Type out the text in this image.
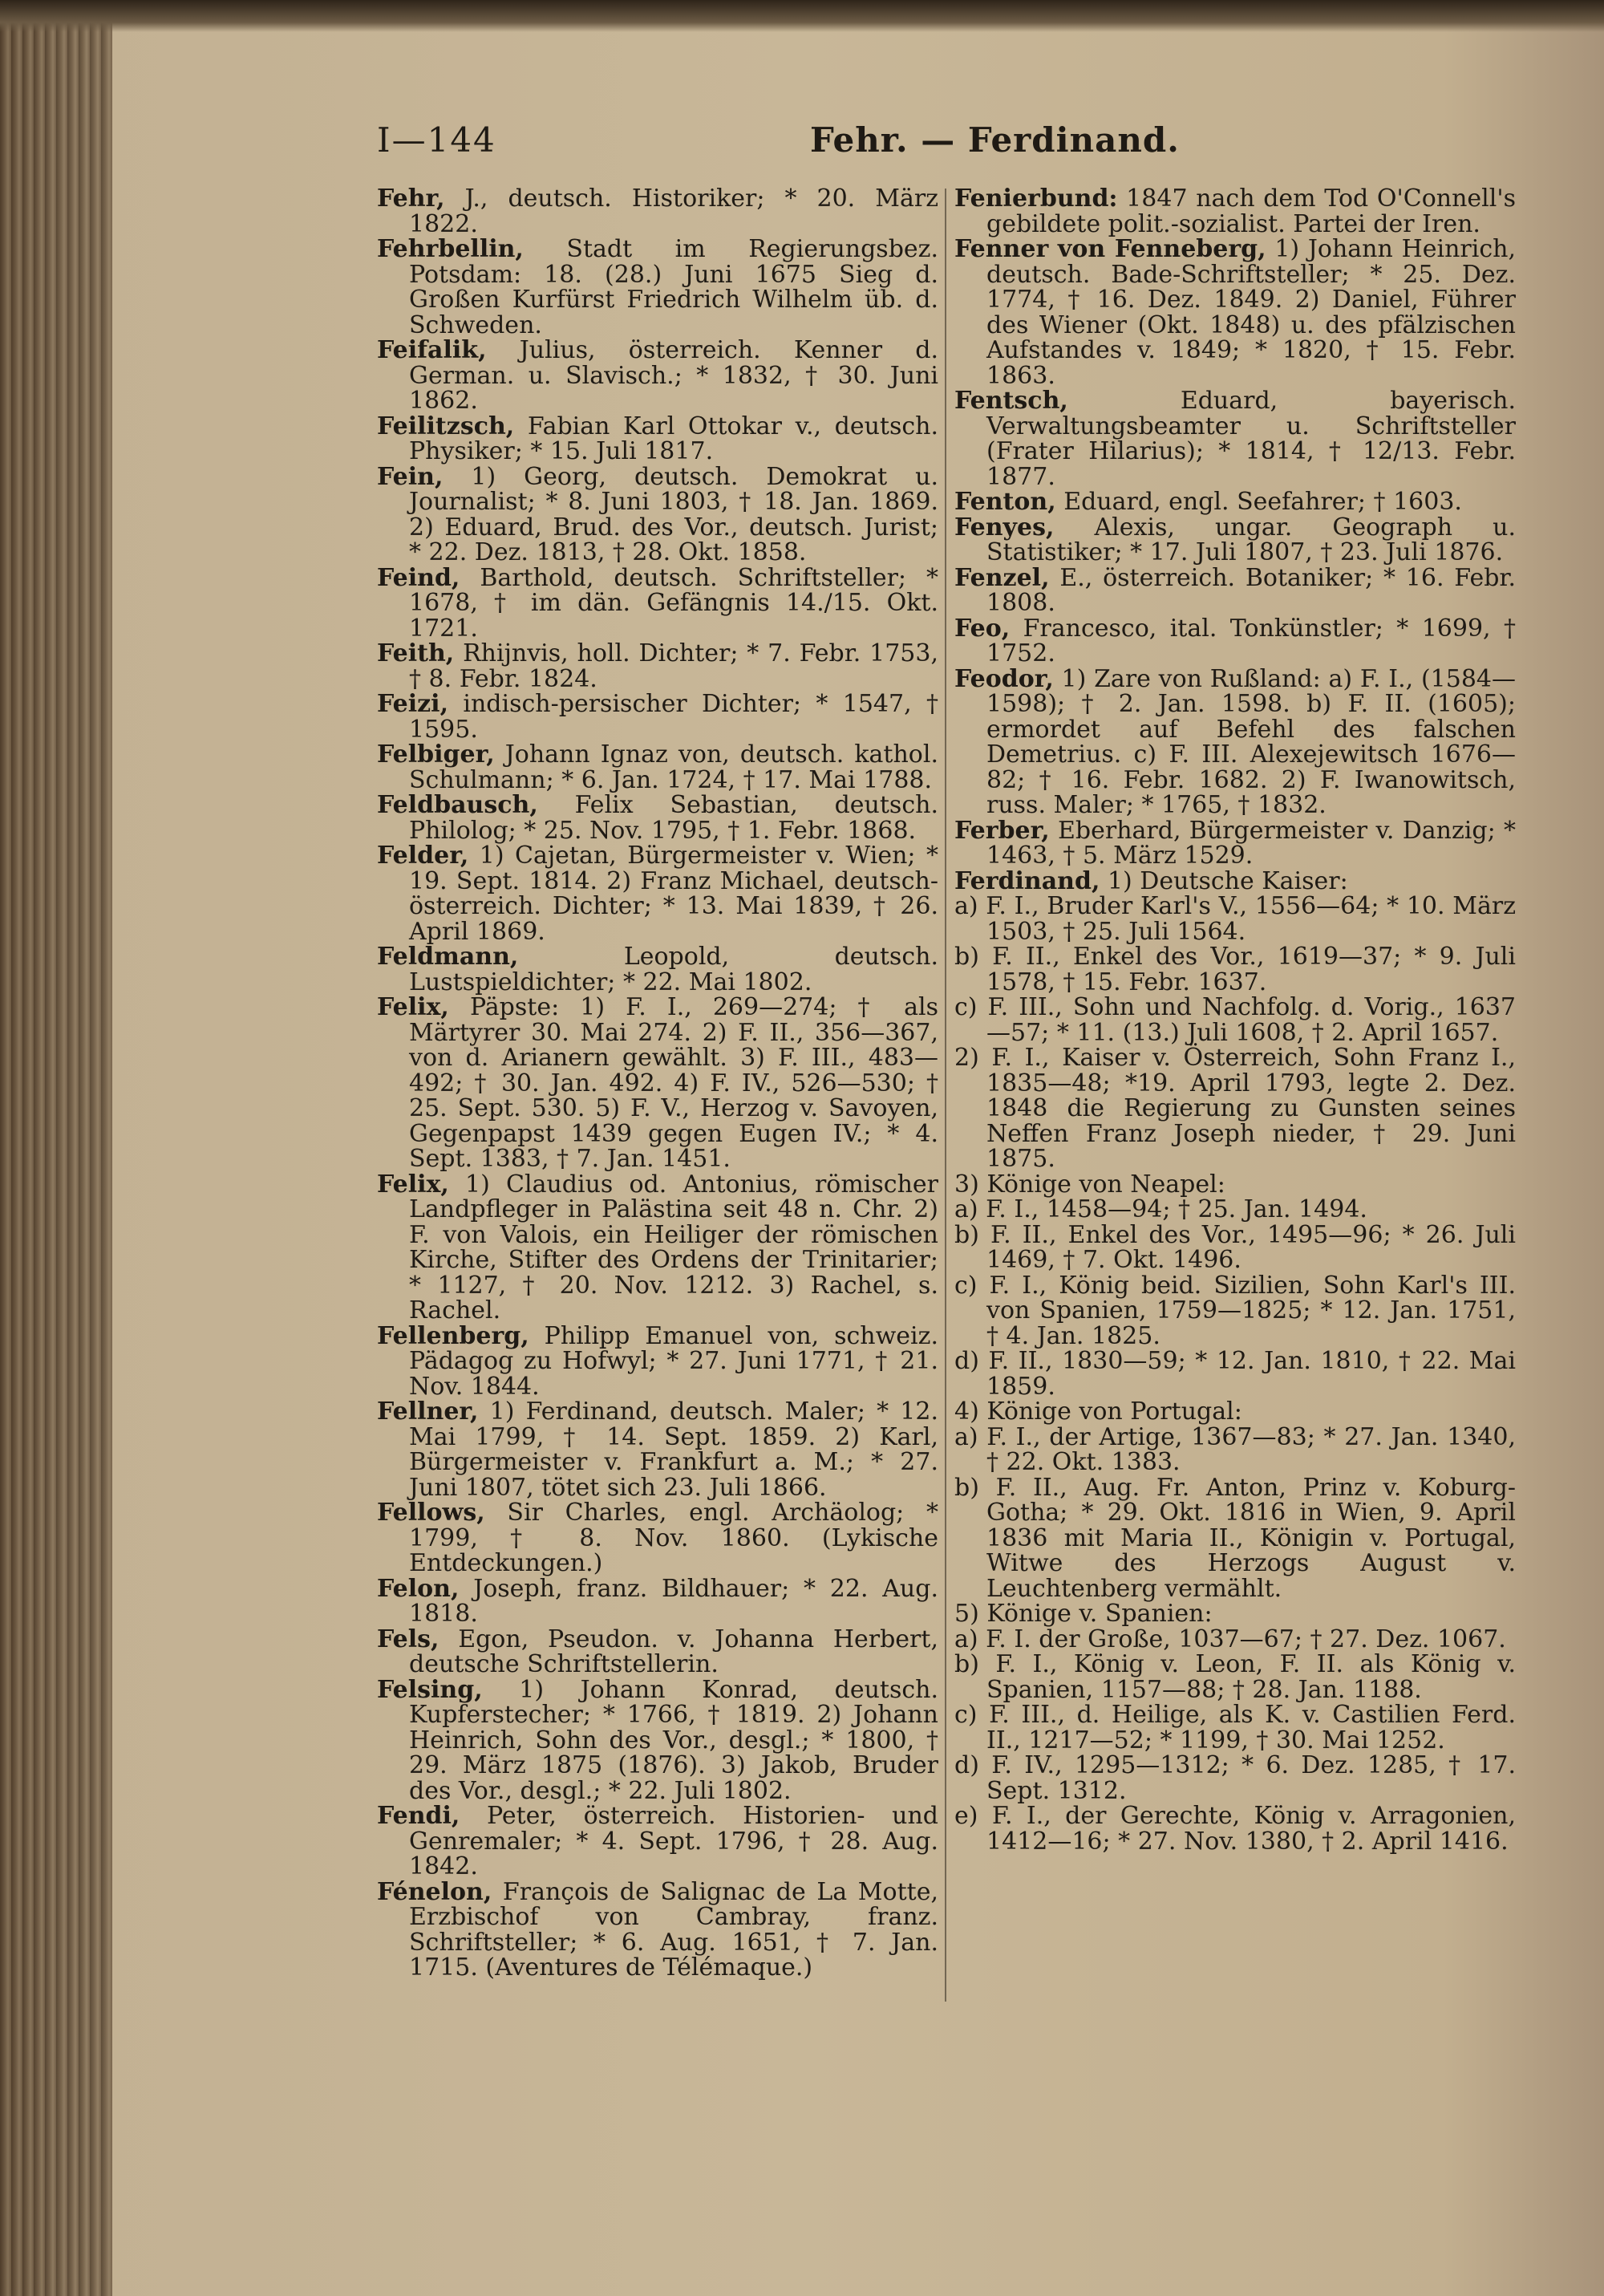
I—144	Fehr. — Ferdinand.

Fehr, J., deutsch. Historiker; * 20. März 1822.

Fehrbellin, Stadt im Regierungsbez. Potsdam: 18. (28.) Juni 1675 Sieg d. Großen Kurfürst Friedrich Wilhelm üb. d. Schweden.

Feifalik, Julius, österreich. Kenner d. German. u. Slavisch.; * 1832, † 30. Juni 1862.

Feilitzsch, Fabian Karl Ottokar v., deutsch. Physiker; * 15. Juli 1817.

Fein, 1) Georg, deutsch. Demokrat u. Journalist; * 8. Juni 1803, † 18. Jan. 1869. 2) Eduard, Brud. des Vor., deutsch. Jurist; * 22. Dez. 1813, † 28. Okt. 1858.

Feind, Barthold, deutsch. Schriftsteller; * 1678, † im dän. Gefängnis 14./15. Okt. 1721.

Feith, Rhijnvis, holl. Dichter; * 7. Febr. 1753, † 8. Febr. 1824.

Feizi, indisch-persischer Dichter; * 1547, † 1595.

Felbiger, Johann Ignaz von, deutsch. kathol. Schulmann; * 6. Jan. 1724, † 17. Mai 1788.

Feldbausch, Felix Sebastian, deutsch. Philolog; * 25. Nov. 1795, † 1. Febr. 1868.

Felder, 1) Cajetan, Bürgermeister v. Wien; * 19. Sept. 1814. 2) Franz Michael, deutsch-österreich. Dichter; * 13. Mai 1839, † 26. April 1869.

Feldmann, Leopold, deutsch. Lustspieldichter; * 22. Mai 1802.

Felix, Päpste: 1) F. I., 269—274; † als Märtyrer 30. Mai 274. 2) F. II., 356—367, von d. Arianern gewählt. 3) F. III., 483—492; † 30. Jan. 492. 4) F. IV., 526—530; † 25. Sept. 530. 5) F. V., Herzog v. Savoyen, Gegenpapst 1439 gegen Eugen IV.; * 4. Sept. 1383, † 7. Jan. 1451.

Felix, 1) Claudius od. Antonius, römischer Landpfleger in Palästina seit 48 n. Chr. 2) F. von Valois, ein Heiliger der römischen Kirche, Stifter des Ordens der Trinitarier; * 1127, † 20. Nov. 1212. 3) Rachel, s. Rachel.

Fellenberg, Philipp Emanuel von, schweiz. Pädagog zu Hofwyl; * 27. Juni 1771, † 21. Nov. 1844.

Fellner, 1) Ferdinand, deutsch. Maler; * 12. Mai 1799, † 14. Sept. 1859. 2) Karl, Bürgermeister v. Frankfurt a. M.; * 27. Juni 1807, tötet sich 23. Juli 1866.

Fellows, Sir Charles, engl. Archäolog; * 1799, † 8. Nov. 1860. (Lykische Entdeckungen.)

Felon, Joseph, franz. Bildhauer; * 22. Aug. 1818.

Fels, Egon, Pseudon. v. Johanna Herbert, deutsche Schriftstellerin.

Felsing, 1) Johann Konrad, deutsch. Kupferstecher; * 1766, † 1819. 2) Johann Heinrich, Sohn des Vor., desgl.; * 1800, † 29. März 1875 (1876). 3) Jakob, Bruder des Vor., desgl.; * 22. Juli 1802.

Fendi, Peter, österreich. Historien- und Genremaler; * 4. Sept. 1796, † 28. Aug. 1842.

Fénelon, François de Salignac de La Motte, Erzbischof von Cambray, franz. Schriftsteller; * 6. Aug. 1651, † 7. Jan. 1715. (Aventures de Télémaque.)

Fenierbund: 1847 nach dem Tod O'Connell's gebildete polit.-sozialist. Partei der Iren.

Fenner von Fenneberg, 1) Johann Heinrich, deutsch. Bade-Schriftsteller; * 25. Dez. 1774, † 16. Dez. 1849. 2) Daniel, Führer des Wiener (Okt. 1848) u. des pfälzischen Aufstandes v. 1849; * 1820, † 15. Febr. 1863.

Fentsch, Eduard, bayerisch. Verwaltungsbeamter u. Schriftsteller (Frater Hilarius); * 1814, † 12/13. Febr. 1877.

Fenton, Eduard, engl. Seefahrer; † 1603.

Fenyes, Alexis, ungar. Geograph u. Statistiker; * 17. Juli 1807, † 23. Juli 1876.

Fenzel, E., österreich. Botaniker; * 16. Febr. 1808.

Feo, Francesco, ital. Tonkünstler; * 1699, † 1752.

Feodor, 1) Zare von Rußland: a) F. I., (1584—1598); † 2. Jan. 1598. b) F. II. (1605); ermordet auf Befehl des falschen Demetrius. c) F. III. Alexejewitsch 1676—82; † 16. Febr. 1682. 2) F. Iwanowitsch, russ. Maler; * 1765, † 1832.

Ferber, Eberhard, Bürgermeister v. Danzig; * 1463, † 5. März 1529.

Ferdinand, 1) Deutsche Kaiser:

a) F. I., Bruder Karl's V., 1556—64; * 10. März 1503, † 25. Juli 1564.

b) F. II., Enkel des Vor., 1619—37; * 9. Juli 1578, † 15. Febr. 1637.

c) F. III., Sohn und Nachfolg. d. Vorig., 1637—57; * 11. (13.) Juli 1608, † 2. April 1657.

2) F. I., Kaiser v. Österreich, Sohn Franz I., 1835—48; *19. April 1793, legte 2. Dez. 1848 die Regierung zu Gunsten seines Neffen Franz Joseph nieder, † 29. Juni 1875.

3) Könige von Neapel:

a) F. I., 1458—94; † 25. Jan. 1494.

b) F. II., Enkel des Vor., 1495—96; * 26. Juli 1469, † 7. Okt. 1496.

c) F. I., König beid. Sizilien, Sohn Karl's III. von Spanien, 1759—1825; * 12. Jan. 1751, † 4. Jan. 1825.

d) F. II., 1830—59; * 12. Jan. 1810, † 22. Mai 1859.

4) Könige von Portugal:

a) F. I., der Artige, 1367—83; * 27. Jan. 1340, † 22. Okt. 1383.

b) F. II., Aug. Fr. Anton, Prinz v. Koburg-Gotha; * 29. Okt. 1816 in Wien, 9. April 1836 mit Maria II., Königin v. Portugal, Witwe des Herzogs August v. Leuchtenberg vermählt.

5) Könige v. Spanien:

a) F. I. der Große, 1037—67; † 27. Dez. 1067.

b) F. I., König v. Leon, F. II. als König v. Spanien, 1157—88; † 28. Jan. 1188.

c) F. III., d. Heilige, als K. v. Castilien Ferd. II., 1217—52; * 1199, † 30. Mai 1252.

d) F. IV., 1295—1312; * 6. Dez. 1285, † 17. Sept. 1312.

e) F. I., der Gerechte, König v. Arragonien, 1412—16; * 27. Nov. 1380, † 2. April 1416.
